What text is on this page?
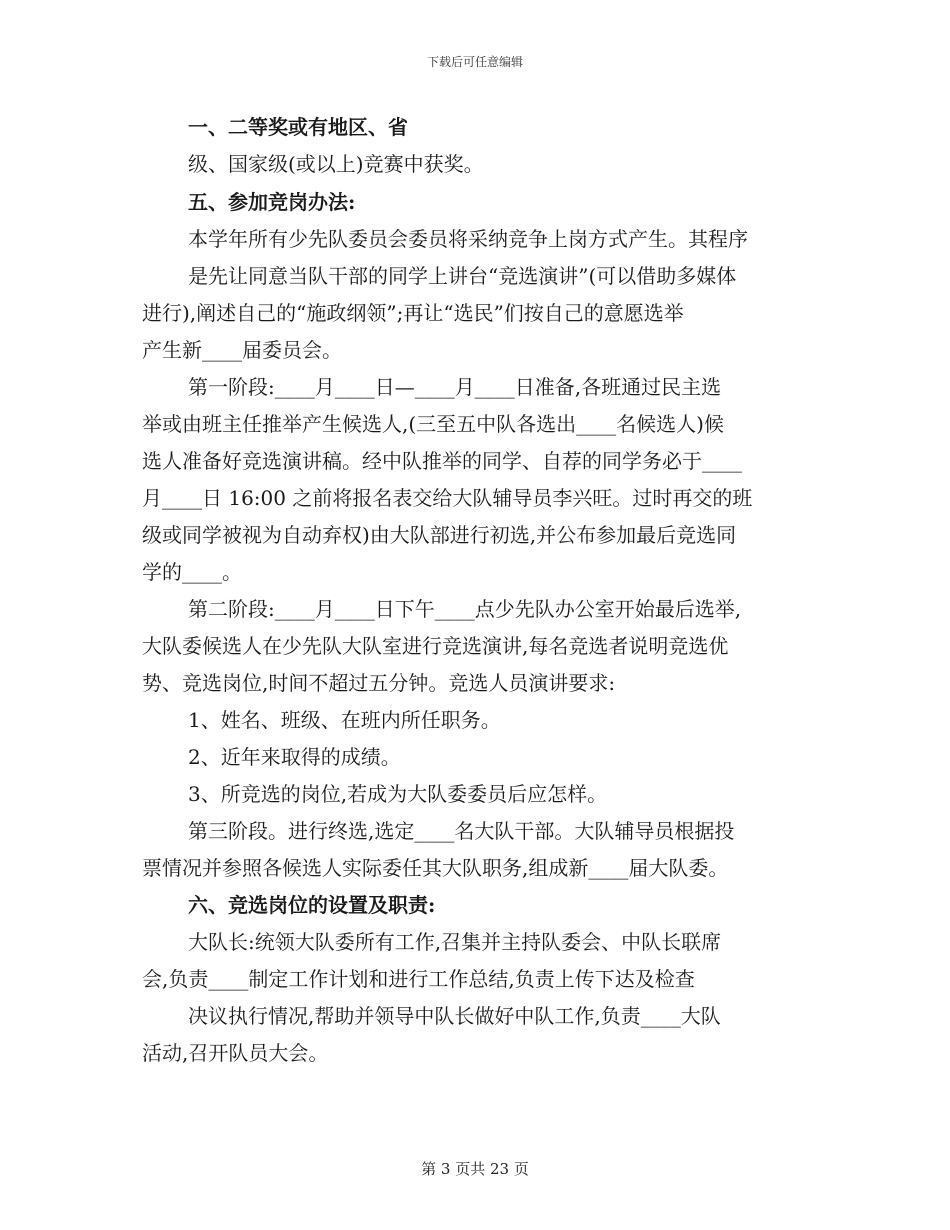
下载后可任意编辑
一、二等奖或有地区、省
级、国家级(或以上)竞赛中获奖。
五、参加竞岗办法:
本学年所有少先队委员会委员将采纳竞争上岗方式产生。其程序
是先让同意当队干部的同学上讲台“竞选演讲”(可以借助多媒体
进行),阐述自己的“施政纲领”;再让“选民”们按自己的意愿选举
产生新____届委员会。
第一阶段:____月____日—____月____日准备,各班通过民主选
举或由班主任推举产生候选人,(三至五中队各选出____名候选人)候
选人准备好竞选演讲稿。经中队推举的同学、自荐的同学务必于____
月____日 16:00 之前将报名表交给大队辅导员李兴旺。过时再交的班
级或同学被视为自动弃权)由大队部进行初选,并公布参加最后竞选同
学的____。
第二阶段:____月____日下午____点少先队办公室开始最后选举,
大队委候选人在少先队大队室进行竞选演讲,每名竞选者说明竞选优
势、竞选岗位,时间不超过五分钟。竞选人员演讲要求:
1、姓名、班级、在班内所任职务。
2、近年来取得的成绩。
3、所竞选的岗位,若成为大队委委员后应怎样。
第三阶段。进行终选,选定____名大队干部。大队辅导员根据投
票情况并参照各候选人实际委任其大队职务,组成新____届大队委。
六、竞选岗位的设置及职责:
大队长:统领大队委所有工作,召集并主持队委会、中队长联席
会,负责____制定工作计划和进行工作总结,负责上传下达及检查
决议执行情况,帮助并领导中队长做好中队工作,负责____大队
活动,召开队员大会。
第 3 页共 23 页
